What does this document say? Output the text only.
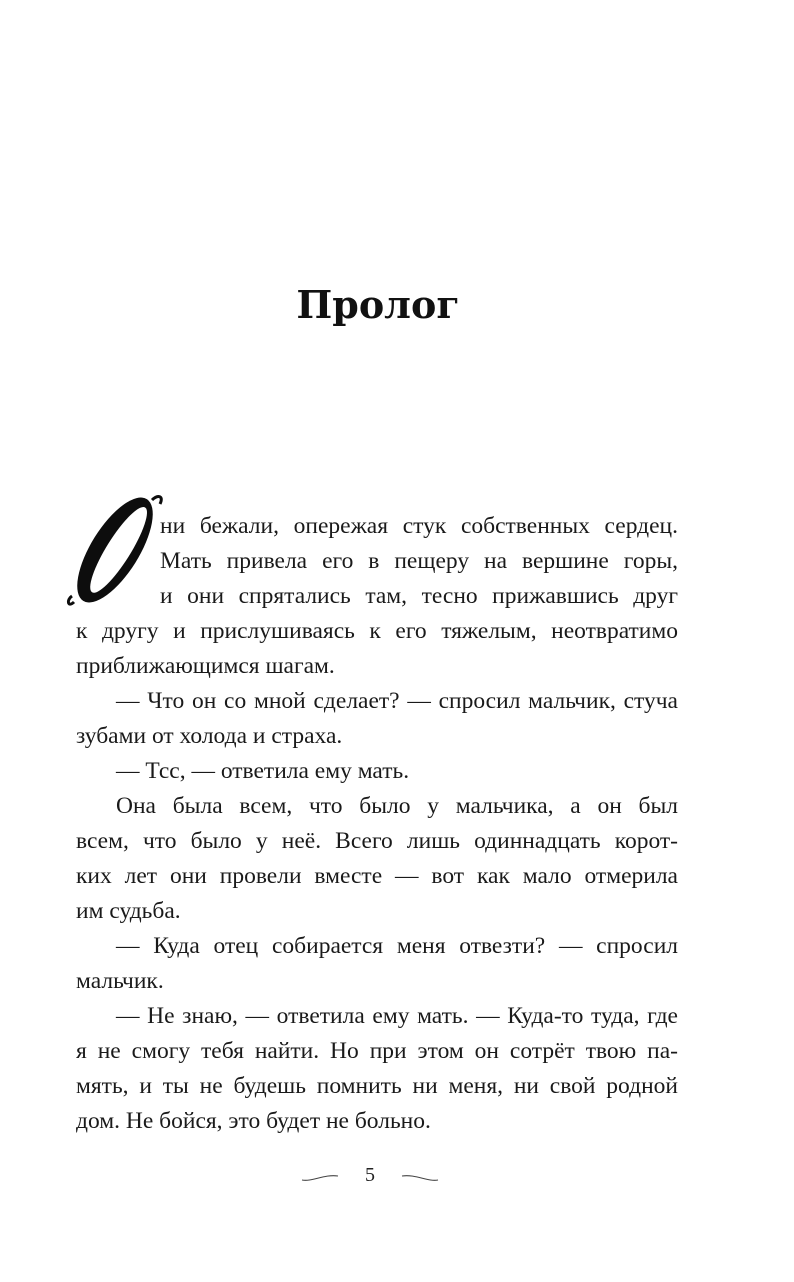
Пролог
ни бежали, опережая стук собственных сердец.
Мать привела его в пещеру на вершине горы,
и они спрятались там, тесно прижавшись друг
к другу и прислушиваясь к его тяжелым, неотвратимо
приближающимся шагам.
— Что он со мной сделает? — спросил мальчик, стуча
зубами от холода и страха.
— Тсс, — ответила ему мать.
Она была всем, что было у мальчика, а он был
всем, что было у неё. Всего лишь одиннадцать корот-
ких лет они провели вместе — вот как мало отмерила
им судьба.
— Куда отец собирается меня отвезти? — спросил
мальчик.
— Не знаю, — ответила ему мать. — Куда-то туда, где
я не смогу тебя найти. Но при этом он сотрёт твою па-
мять, и ты не будешь помнить ни меня, ни свой родной
дом. Не бойся, это будет не больно.
5
